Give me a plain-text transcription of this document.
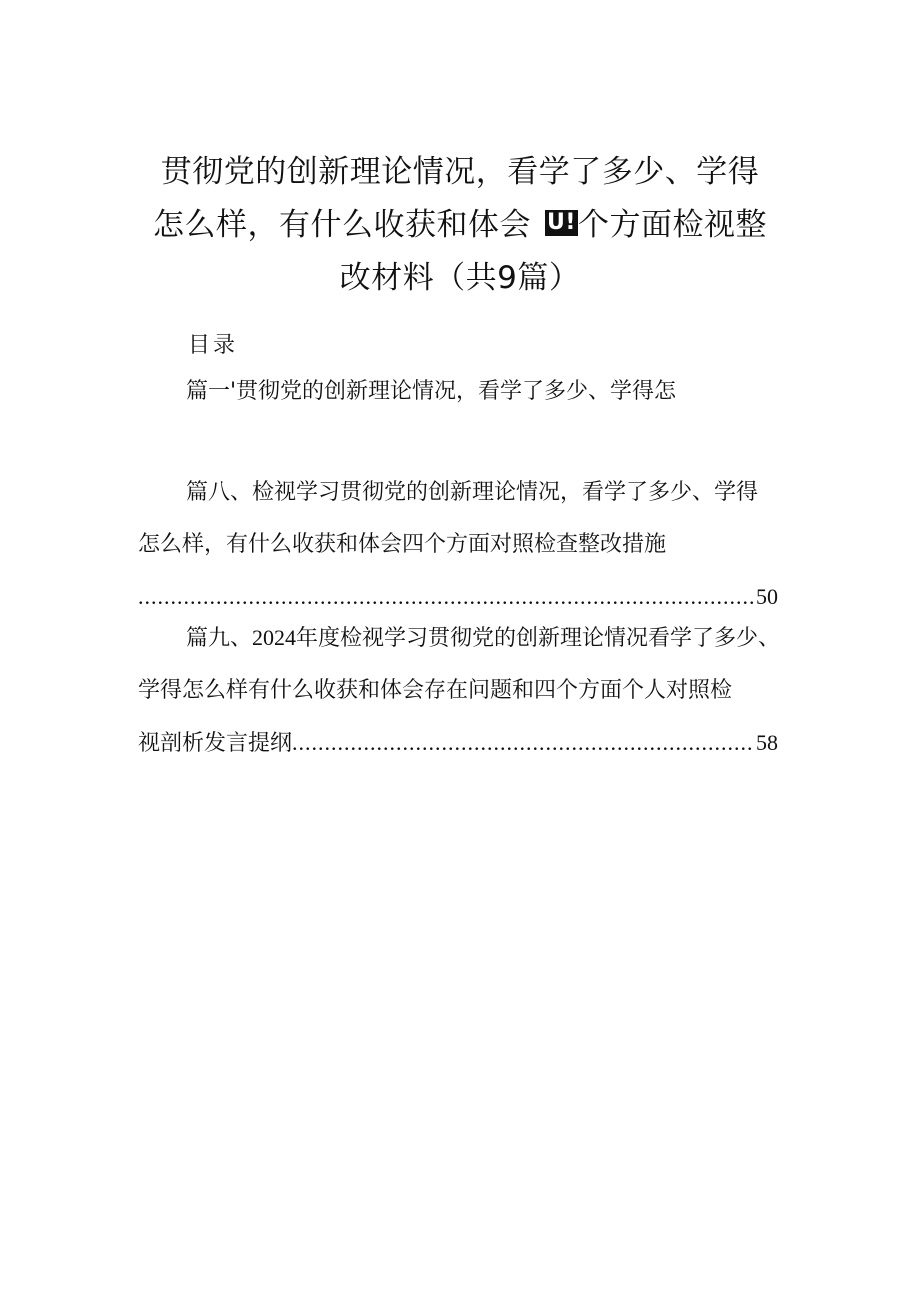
贯彻党的创新理论情况，看学了多少、学得
怎么样，有什么收获和体会 U!个方面检视整
改材料（共9篇）
目录
篇一'贯彻党的创新理论情况，看学了多少、学得怎
篇八、检视学习贯彻党的创新理论情况，看学了多少、学得
怎么样，有什么收获和体会四个方面对照检查整改措施
.....
50
篇九、2024年度检视学习贯彻党的创新理论情况看学了多少、
学得怎么样有什么收获和体会存在问题和四个方面个人对照检
视剖析发言提纲
.....	58
